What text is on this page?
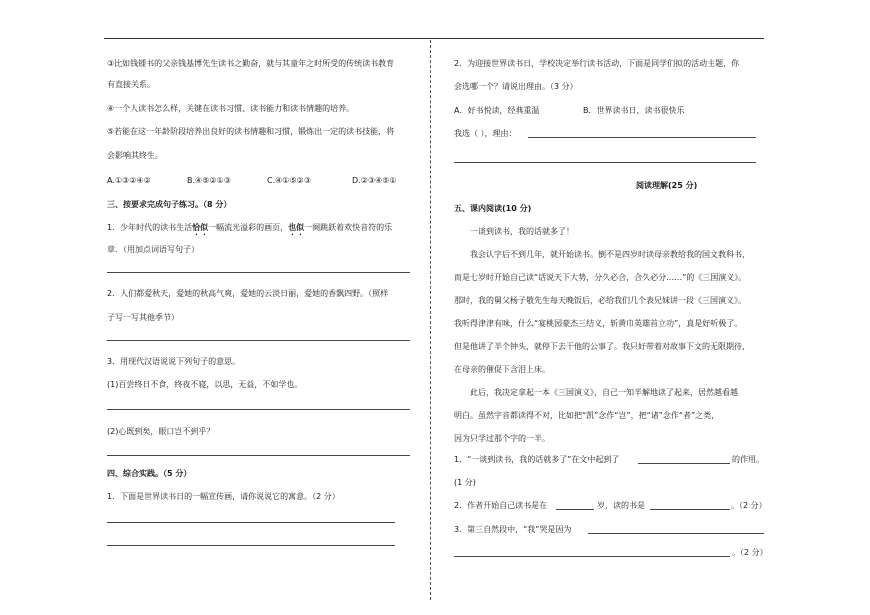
③比如钱锺书的父亲钱基博先生读书之勤奋，就与其童年之时所受的传统读书教育
有直接关系。
④一个人读书怎么样，关键在读书习惯、读书能力和读书情趣的培养。
⑤若能在这一年龄阶段培养出良好的读书情趣和习惯，锻炼出一定的读书技能，将
会影响其终生。
A.①③②④②	B.④⑤②①③	C.④①⑤②③	D.②③④⑤①
三、按要求完成句子练习。（8 分）
1．少年时代的读书生活恰似一幅流光溢彩的画页，也似一阕跳跃着欢快音符的乐
章．（用加点词语写句子）
2．人们都爱秋天，爱她的秋高气爽，爱她的云淡日丽，爱她的香飘四野。（照样
子写一写其他季节）
3．用现代汉语说说下列句子的意思。
(1)百尝终日不食，终夜不寝，以思，无益，不如学也。
(2)心既到矣，眼口岂不到乎？
四、综合实践。（5 分）
1．下面是世界读书日的一幅宣传画，请你说说它的寓意。（2 分）
2．为迎接世界读书日，学校决定举行读书活动，下面是同学们拟的活动主题，你
会选哪一个？请说出理由。（3 分）
A．好书悦读，经典重温	B．世界读书日，读书很快乐
我选（ ），理由：
阅读理解(25 分)
五、课内阅读(10 分)
一谈到读书，我的话就多了！
我会认字后不到几年，就开始读书。倒不是四岁时读母亲教给我的国文教科书，
而是七岁时开始自己读“话说天下大势，分久必合，合久必分……”的《三国演义》。
那时，我的舅父杨子敬先生每天晚饭后，必给我们几个表兄妹讲一段《三国演义》。
我听得津津有味，什么“宴桃园豪杰三结义，斩黄巾英雄首立功”，真是好听极了。
但是他讲了半个钟头，就停下去干他的公事了。我只好带着对故事下文的无限期待，
在母亲的催促下含泪上床。
此后，我决定拿起一本《三国演义》，自己一知半解地读了起来，居然越看越
明白。虽然字音都读得不对，比如把“凯”念作“岂”，把“诸”念作“者”之类，
因为只学过那个字的一半。
1．“一谈到读书，我的话就多了”在文中起到了	的作用。
(1 分)
2．作者开始自己读书是在	岁，读的书是	。（2 分）
3．第三自然段中，“我”哭是因为
。（2 分）
